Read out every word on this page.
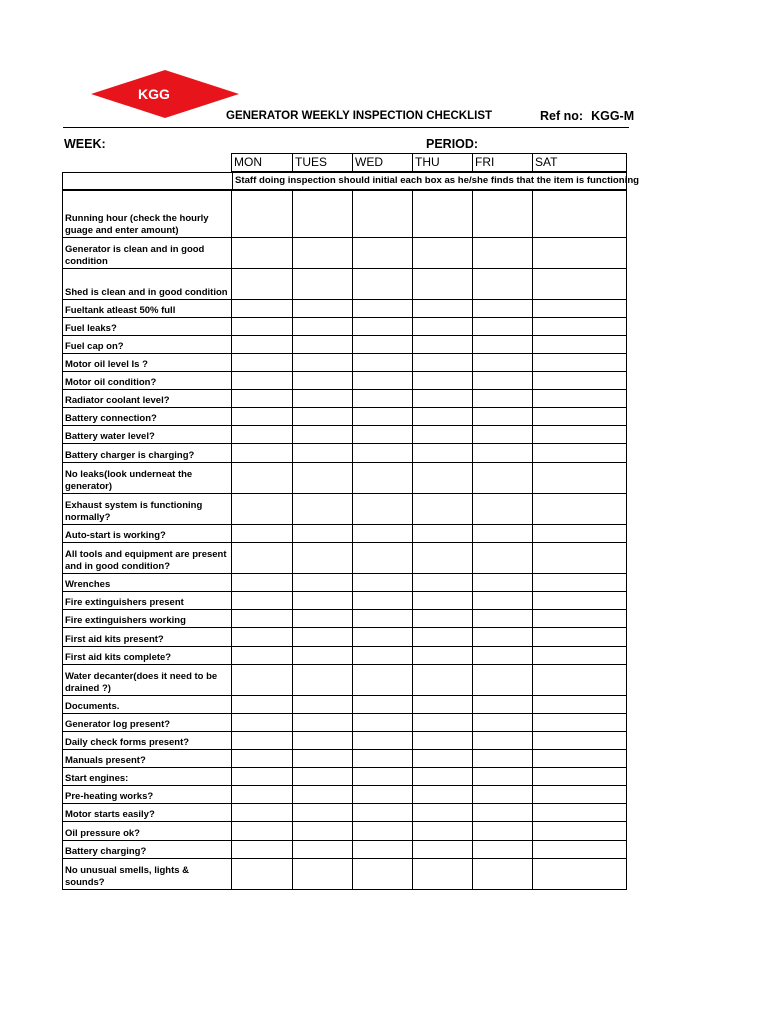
KGG
GENERATOR WEEKLY INSPECTION CHECKLIST	Ref no: KGG-M
WEEK:	PERIOD:
MON	TUES	WED	THU	FRI	SAT
Staff doing inspection should initial each box as he/she finds that the item is functioning
Running hour (check the hourly guage and enter amount)						
Generator is clean and in good condition						
Shed is clean and in good condition						
Fueltank atleast 50% full						
Fuel leaks?						
Fuel cap on?						
Motor oil level Is ?						
Motor oil condition?						
Radiator coolant level?						
Battery connection?						
Battery water level?						
Battery charger is charging?						
No leaks(look underneat the generator)						
Exhaust system is functioning normally?						
Auto-start is working?						
All tools and equipment are present and in good condition?						
Wrenches						
Fire extinguishers present						
Fire extinguishers working						
First aid kits present?						
First aid kits complete?						
Water decanter(does it need to be drained ?)						
Documents.						
Generator log present?						
Daily check forms present?						
Manuals present?						
Start engines:						
Pre-heating works?						
Motor starts easily?						
Oil pressure ok?						
Battery charging?						
No unusual smells, lights & sounds?						
